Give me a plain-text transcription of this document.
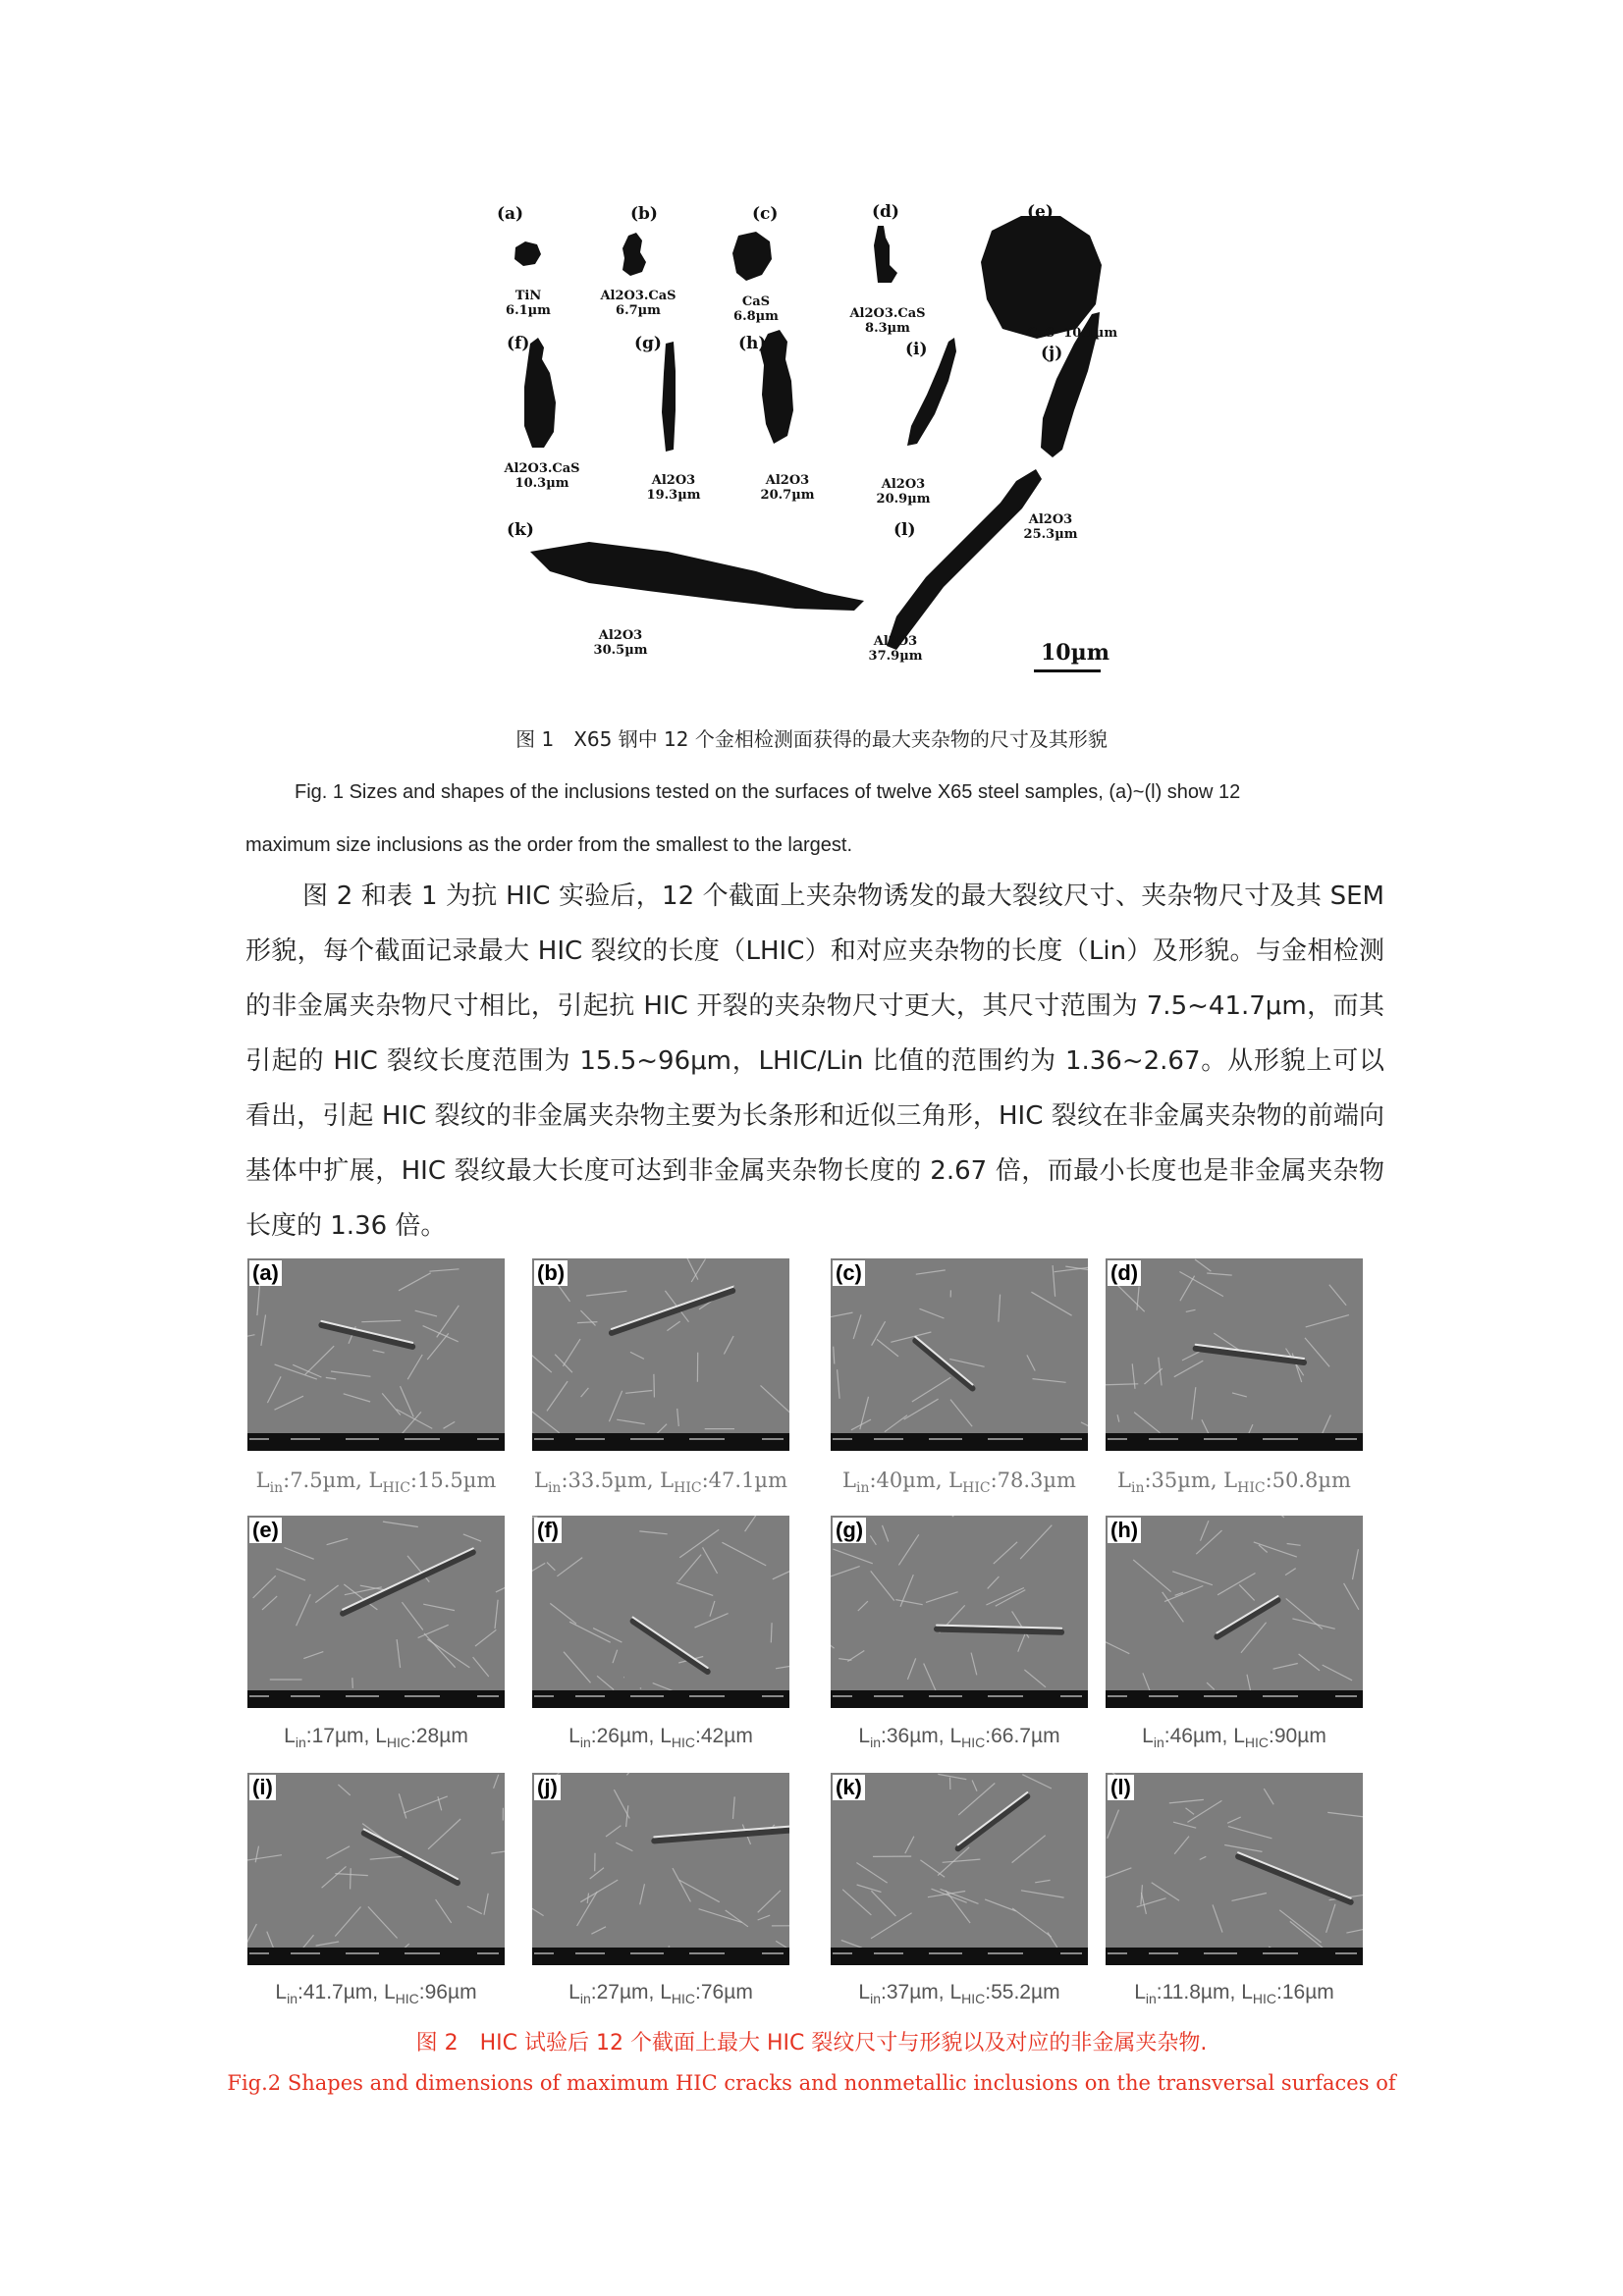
(a)	(b)	(c)	(d)	(e)
(f)	(g)	(h)	(i)	(j)
(k)	(l)
TiN
6.1µm
Al2O3.CaS
6.7µm
CaS
6.8µm	Al2O3.CaS
8.3µm	CaS 10.1µm
Al2O3.CaS
10.3µm	Al2O3
19.3µm
Al2O3
20.7µm
Al2O3
20.9µm
Al2O3
25.3µm
Al2O3
30.5µm
Al2O3
37.9µm	10µm
图 1　X65 钢中 12 个金相检测面获得的最大夹杂物的尺寸及其形貌
Fig. 1 Sizes and shapes of the inclusions tested on the surfaces of twelve X65 steel samples, (a)~(l) show 12
maximum size inclusions as the order from the smallest to the largest.

图 2 和表 1 为抗 HIC 实验后，12 个截面上夹杂物诱发的最大裂纹尺寸、夹杂物尺寸及其 SEM 形貌，每个截面记录最大 HIC 裂纹的长度（LHIC）和对应夹杂物的长度（Lin）及形貌。与金相检测的非金属夹杂物尺寸相比，引起抗 HIC 开裂的夹杂物尺寸更大，其尺寸范围为 7.5~41.7μm，而其引起的 HIC 裂纹长度范围为 15.5~96μm，LHIC/Lin 比值的范围约为 1.36~2.67。从形貌上可以看出，引起 HIC 裂纹的非金属夹杂物主要为长条形和近似三角形，HIC 裂纹在非金属夹杂物的前端向基体中扩展，HIC 裂纹最大长度可达到非金属夹杂物长度的 2.67 倍，而最小长度也是非金属夹杂物长度的 1.36 倍。

(a)
$L_{in}:7.5\mu m$, $L_{HIC}:15.5\mu m$
(b)
$L_{in}:33.5\mu m$, $L_{HIC}:47.1\mu m$
(c)
$L_{in}:40\mu m$, $L_{HIC}:78.3\mu m$
(d)
$L_{in}:35\mu m$, $L_{HIC}:50.8\mu m$
(e)
$L_{in}:17\mu m$, $L_{HIC}:28\mu m$
(f)
$L_{in}:26\mu m$, $L_{HIC}:42\mu m$
(g)
$L_{in}:36\mu m$, $L_{HIC}:66.7\mu m$
(h)
$L_{in}:46\mu m$, $L_{HIC}:90\mu m$
(i)
$L_{in}:41.7\mu m$, $L_{HIC}:96\mu m$
(j)
$L_{in}:27\mu m$, $L_{HIC}:76\mu m$
(k)
$L_{in}:37\mu m$, $L_{HIC}:55.2\mu m$
(l)
$L_{in}:11.8\mu m$, $L_{HIC}:16\mu m$
图 2　HIC 试验后 12 个截面上最大 HIC 裂纹尺寸与形貌以及对应的非金属夹杂物.
Fig.2 Shapes and dimensions of maximum HIC cracks and nonmetallic inclusions on the transversal surfaces of
